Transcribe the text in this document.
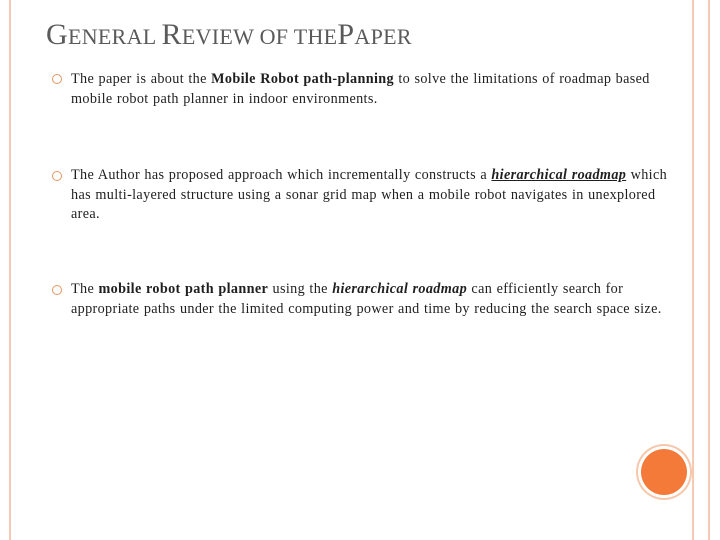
GENERAL REVIEW OF THEPAPER
The paper is about the Mobile Robot path-planning to solve the limitations of roadmap based mobile robot path planner in indoor environments.
The Author has proposed approach which incrementally constructs a hierarchical roadmap which has multi-layered structure using a sonar grid map when a mobile robot navigates in unexplored area.
The mobile robot path planner using the hierarchical roadmap can efficiently search for appropriate paths under the limited computing power and time by reducing the search space size.
